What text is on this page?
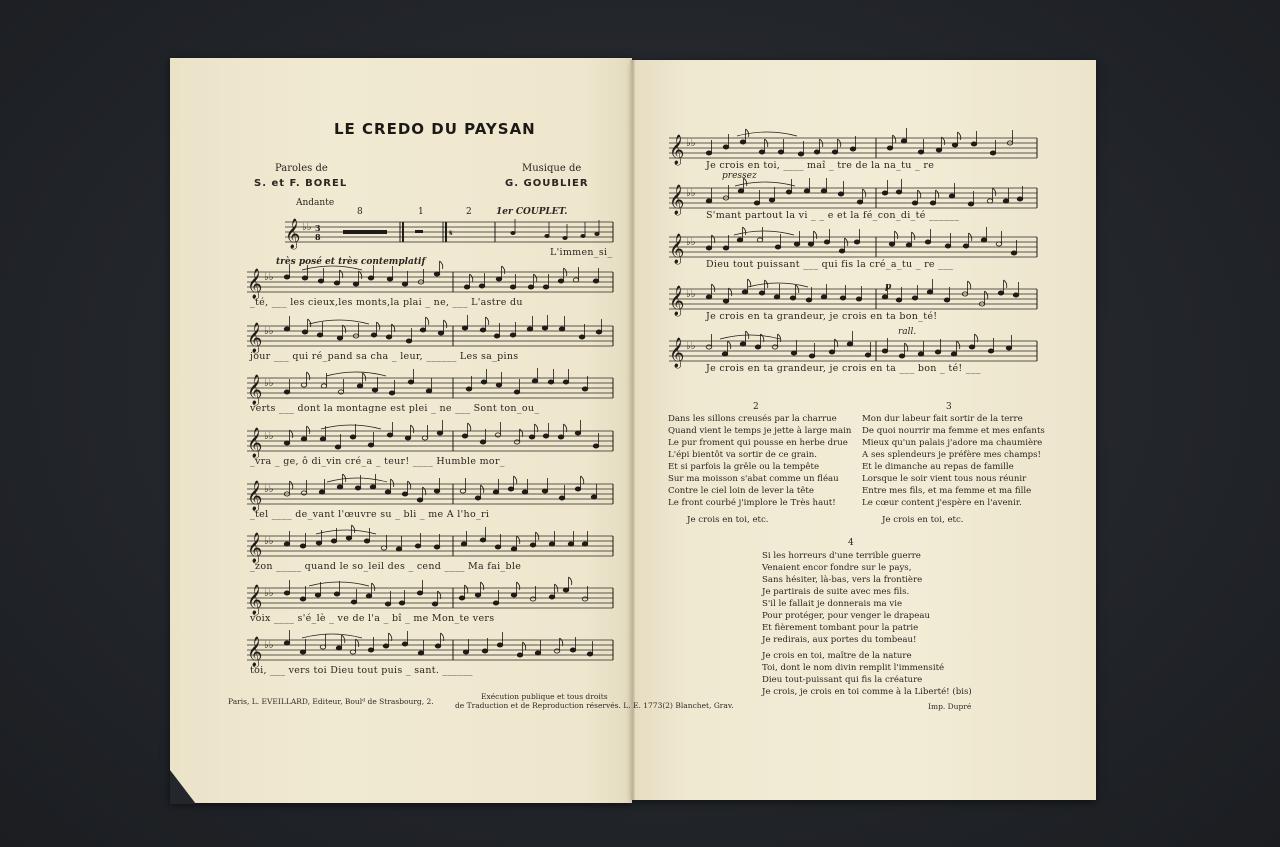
LE CREDO DU PAYSAN
Paroles de
S. et F. BOREL
Musique de
G. GOUBLIER
Andante
8	1	2	1er COUPLET.
L'immen_si_
très posé et très contemplatif
𝄞 ♭♭ 3
8	𝄋
Paris, L. EVEILLARD, Editeur, Boulᵈ de Strasbourg, 2.
Exécution publique et tous droits
de Traduction et de Reproduction réservés. L. E. 1773(2) Blanchet, Grav.
pressez
p
rall.
2
Dans les sillons creusés par la charrue
Quand vient le temps je jette à large main
Le pur froment qui pousse en herbe drue
L'épi bientôt va sortir de ce grain.
Et si parfois la grêle ou la tempête
Sur ma moisson s'abat comme un fléau
Contre le ciel loin de lever la tête
Le front courbé j'implore le Très haut!
Je crois en toi, etc.
3
Mon dur labeur fait sortir de la terre
De quoi nourrir ma femme et mes enfants
Mieux qu'un palais j'adore ma chaumière
A ses splendeurs je préfère mes champs!
Et le dimanche au repas de famille
Lorsque le soir vient tous nous réunir
Entre mes fils, et ma femme et ma fille
Le cœur content j'espère en l'avenir.
Je crois en toi, etc.
4
Si les horreurs d'une terrible guerre
Venaient encor fondre sur le pays,
Sans hésiter, là-bas, vers la frontière
Je partirais de suite avec mes fils.
S'il le fallait je donnerais ma vie
Pour protéger, pour venger le drapeau
Et fièrement tombant pour la patrie
Je redirais, aux portes du tombeau!
Je crois en toi, maître de la nature
Toi, dont le nom divin remplit l'immensité
Dieu tout-puissant qui fis la créature
Je crois, je crois en toi comme à la Liberté! (bis)
Imp. Dupré
𝄞 ♭♭
_té, ___ les cieux,les monts,la plai _ ne, ___ L'astre du
𝄞 ♭♭
jour ___ qui ré_pand sa cha _ leur, ______ Les sa_pins
𝄞 ♭♭
verts ___ dont la montagne est plei _ ne ___ Sont ton_ou_
𝄞 ♭♭
_vra _ ge, ô di_vin cré_a _ teur! ____ Humble mor_
𝄞 ♭♭
_tel ____ de_vant l'œuvre su _ bli _ me A l'ho_ri
𝄞 ♭♭
_zon _____ quand le so_leil des _ cend ____ Ma fai_ble
𝄞 ♭♭
voix ____ s'é_lè _ ve de l'a _ bî _ me Mon_te vers
𝄞 ♭♭
toi, ___ vers toi Dieu tout puis _ sant. ______
𝄞 ♭♭
Je crois en toi, ____ maî _ tre de la na_tu _ re
𝄞 ♭♭
S'mant partout la vi _ _ e et la fé_con_di_té ______
𝄞 ♭♭
Dieu tout puissant ___ qui fis la cré_a_tu _ re ___
𝄞 ♭♭
Je crois en ta grandeur, je crois en ta bon_té!
𝄞 ♭♭
Je crois en ta grandeur, je crois en ta ___ bon _ té! ___
